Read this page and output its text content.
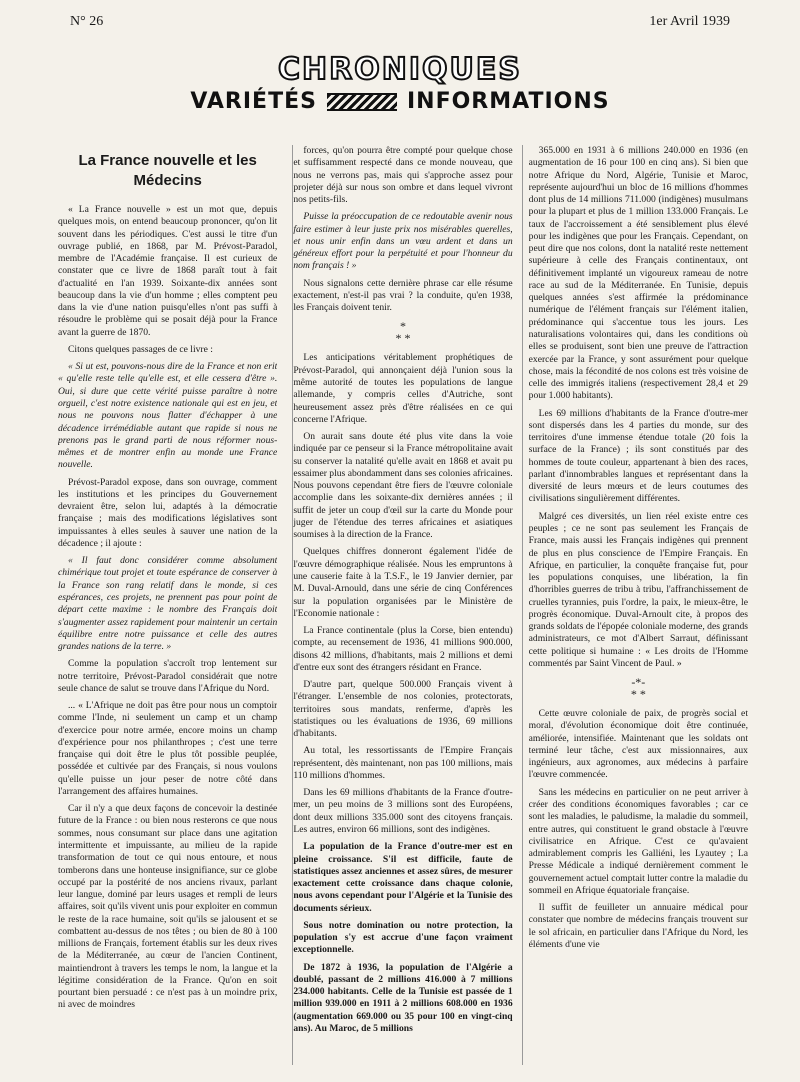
N° 26	1er Avril 1939
CHRONIQUES
VARIÉTÉS	INFORMATIONS
La France nouvelle et les Médecins

« La France nouvelle » est un mot que, depuis quelques mois, on entend beaucoup prononcer, qu'on lit souvent dans les périodiques. C'est aussi le titre d'un ouvrage publié, en 1868, par M. Prévost-Paradol, membre de l'Académie française. Il est curieux de constater que ce livre de 1868 paraît tout à fait d'actualité en l'an 1939. Soixante-dix années sont beaucoup dans la vie d'un homme ; elles comptent peu dans la vie d'une nation puisqu'elles n'ont pas suffi à résoudre le problème qui se posait déjà pour la France avant la guerre de 1870.

Citons quelques passages de ce livre :

« Si ut est, pouvons-nous dire de la France et non erit « qu'elle reste telle qu'elle est, et elle cessera d'être ». Oui, si dure que cette vérité puisse paraître à notre orgueil, c'est notre existence nationale qui est en jeu, et nous ne pouvons nous flatter d'échapper à une décadence irrémédiable autant que rapide si nous ne prenons pas le grand parti de nous réformer nous-mêmes et de montrer enfin au monde une France nouvelle.

Prévost-Paradol expose, dans son ouvrage, comment les institutions et les principes du Gouvernement devraient être, selon lui, adaptés à la démocratie française ; mais des modifications législatives sont impuissantes à elles seules à sauver une nation de la décadence ; il ajoute :

« Il faut donc considérer comme absolument chimérique tout projet et toute espérance de conserver à la France son rang relatif dans le monde, si ces espérances, ces projets, ne prennent pas pour point de départ cette maxime : le nombre des Français doit s'augmenter assez rapidement pour maintenir un certain équilibre entre notre puissance et celle des autres grandes nations de la terre. »

Comme la population s'accroît trop lentement sur notre territoire, Prévost-Paradol considérait que notre seule chance de salut se trouve dans l'Afrique du Nord.

... « L'Afrique ne doit pas être pour nous un comptoir comme l'Inde, ni seulement un camp et un champ d'exercice pour notre armée, encore moins un champ d'expérience pour nos philanthropes ; c'est une terre française qui doit être le plus tôt possible peuplée, possédée et cultivée par des Français, si nous voulons qu'elle puisse un jour peser de notre côté dans l'arrangement des affaires humaines.

Car il n'y a que deux façons de concevoir la destinée future de la France : ou bien nous resterons ce que nous sommes, nous consumant sur place dans une agitation intermittente et impuissante, au milieu de la rapide transformation de tout ce qui nous entoure, et nous tomberons dans une honteuse insignifiance, sur ce globe occupé par la postérité de nos anciens rivaux, parlant leur langue, dominé par leurs usages et rempli de leurs affaires, soit qu'ils vivent unis pour exploiter en commun le reste de la race humaine, soit qu'ils se jalousent et se combattent au-dessus de nos têtes ; ou bien de 80 à 100 millions de Français, fortement établis sur les deux rives de la Méditerranée, au cœur de l'ancien Continent, maintiendront à travers les temps le nom, la langue et la légitime considération de la France. Qu'on en soit pourtant bien persuadé : ce n'est pas à un moindre prix, ni avec de moindres

forces, qu'on pourra être compté pour quelque chose et suffisamment respecté dans ce monde nouveau, que nous ne verrons pas, mais qui s'approche assez pour projeter déjà sur nous son ombre et dans lequel vivront nos petits-fils.

Puisse la préoccupation de ce redoutable avenir nous faire estimer à leur juste prix nos misérables querelles, et nous unir enfin dans un vœu ardent et dans un généreux effort pour la perpétuité et pour l'honneur du nom français ! »

Nous signalons cette dernière phrase car elle résume exactement, n'est-il pas vrai ? la conduite, qu'en 1938, les Français doivent tenir.

*
* *

Les anticipations véritablement prophétiques de Prévost-Paradol, qui annonçaient déjà l'union sous la même autorité de toutes les populations de langue allemande, y compris celles d'Autriche, sont heureusement assez près d'être réalisées en ce qui concerne l'Afrique.

On aurait sans doute été plus vite dans la voie indiquée par ce penseur si la France métropolitaine avait su conserver la natalité qu'elle avait en 1868 et avait pu essaimer plus abondamment dans ses colonies africaines. Nous pouvons cependant être fiers de l'œuvre coloniale accomplie dans les soixante-dix dernières années ; il suffit de jeter un coup d'œil sur la carte du Monde pour juger de l'étendue des terres africaines et asiatiques soumises à la direction de la France.

Quelques chiffres donneront également l'idée de l'œuvre démographique réalisée. Nous les empruntons à une causerie faite à la T.S.F., le 19 Janvier dernier, par M. Duval-Arnould, dans une série de cinq Conférences sur la population organisées par le Ministère de l'Economie nationale :

La France continentale (plus la Corse, bien entendu) compte, au recensement de 1936, 41 millions 900.000, disons 42 millions, d'habitants, mais 2 millions et demi d'entre eux sont des étrangers résidant en France.

D'autre part, quelque 500.000 Français vivent à l'étranger. L'ensemble de nos colonies, protectorats, territoires sous mandats, renferme, d'après les statistiques ou les évaluations de 1936, 69 millions d'habitants.

Au total, les ressortissants de l'Empire Français représentent, dès maintenant, non pas 100 millions, mais 110 millions d'hommes.

Dans les 69 millions d'habitants de la France d'outre-mer, un peu moins de 3 millions sont des Européens, dont deux millions 335.000 sont des citoyens français. Les autres, environ 66 millions, sont des indigènes.

La population de la France d'outre-mer est en pleine croissance. S'il est difficile, faute de statistiques assez anciennes et assez sûres, de mesurer exactement cette croissance dans chaque colonie, nous avons cependant pour l'Algérie et la Tunisie des documents sérieux.

Sous notre domination ou notre protection, la population s'y est accrue d'une façon vraiment exceptionnelle.

De 1872 à 1936, la population de l'Algérie a doublé, passant de 2 millions 416.000 à 7 millions 234.000 habitants. Celle de la Tunisie est passée de 1 million 939.000 en 1911 à 2 millions 608.000 en 1936 (augmentation 669.000 ou 35 pour 100 en vingt-cinq ans). Au Maroc, de 5 millions

365.000 en 1931 à 6 millions 240.000 en 1936 (en augmentation de 16 pour 100 en cinq ans). Si bien que notre Afrique du Nord, Algérie, Tunisie et Maroc, représente aujourd'hui un bloc de 16 millions d'hommes dont plus de 14 millions 711.000 (indigènes) musulmans pour la plupart et plus de 1 million 133.000 Français. Le taux de l'accroissement a été sensiblement plus élevé pour les indigènes que pour les Français. Cependant, on peut dire que nos colons, dont la natalité reste nettement supérieure à celle des Français continentaux, ont définitivement implanté un vigoureux rameau de notre race au sud de la Méditerranée. En Tunisie, depuis quelques années s'est affirmée la prédominance numérique de l'élément français sur l'élément italien, prédominance qui s'accentue tous les jours. Les naturalisations volontaires qui, dans les conditions où elles se produisent, sont bien une preuve de l'attraction exercée par la France, y sont assurément pour quelque chose, mais la fécondité de nos colons est très voisine de celle des immigrés italiens (respectivement 28,4 et 29 pour 1.000 habitants).

Les 69 millions d'habitants de la France d'outre-mer sont dispersés dans les 4 parties du monde, sur des territoires d'une immense étendue totale (20 fois la surface de la France) ; ils sont constitués par des hommes de toute couleur, appartenant à bien des races, parlant d'innombrables langues et représentant dans la diversité de leurs mœurs et de leurs coutumes des civilisations singulièrement différentes.

Malgré ces diversités, un lien réel existe entre ces peuples ; ce ne sont pas seulement les Français de France, mais aussi les Français indigènes qui prennent de plus en plus conscience de l'Empire Français. En Afrique, en particulier, la conquête française fut, pour les populations conquises, une libération, la fin d'horribles guerres de tribu à tribu, l'affranchissement de cruelles tyrannies, puis l'ordre, la paix, le mieux-être, le progrès économique. Duval-Arnoult cite, à propos des grands soldats de l'épopée coloniale moderne, des grands administrateurs, ce mot d'Albert Sarraut, définissant cette politique si humaine : « Les droits de l'Homme commentés par Saint Vincent de Paul. »

-*-
* *

Cette œuvre coloniale de paix, de progrès social et moral, d'évolution économique doit être continuée, améliorée, intensifiée. Maintenant que les soldats ont terminé leur tâche, c'est aux missionnaires, aux ingénieurs, aux agronomes, aux médecins à parfaire l'œuvre commencée.

Sans les médecins en particulier on ne peut arriver à créer des conditions économiques favorables ; car ce sont les maladies, le paludisme, la maladie du sommeil, entre autres, qui constituent le grand obstacle à l'œuvre civilisatrice en Afrique. C'est ce qu'avaient admirablement compris les Galliéni, les Lyautey ; La Presse Médicale a indiqué dernièrement comment le gouvernement actuel comptait lutter contre la maladie du sommeil en Afrique équatoriale française.

Il suffit de feuilleter un annuaire médical pour constater que nombre de médecins français trouvent sur le sol africain, en particulier dans l'Afrique du Nord, les éléments d'une vie
